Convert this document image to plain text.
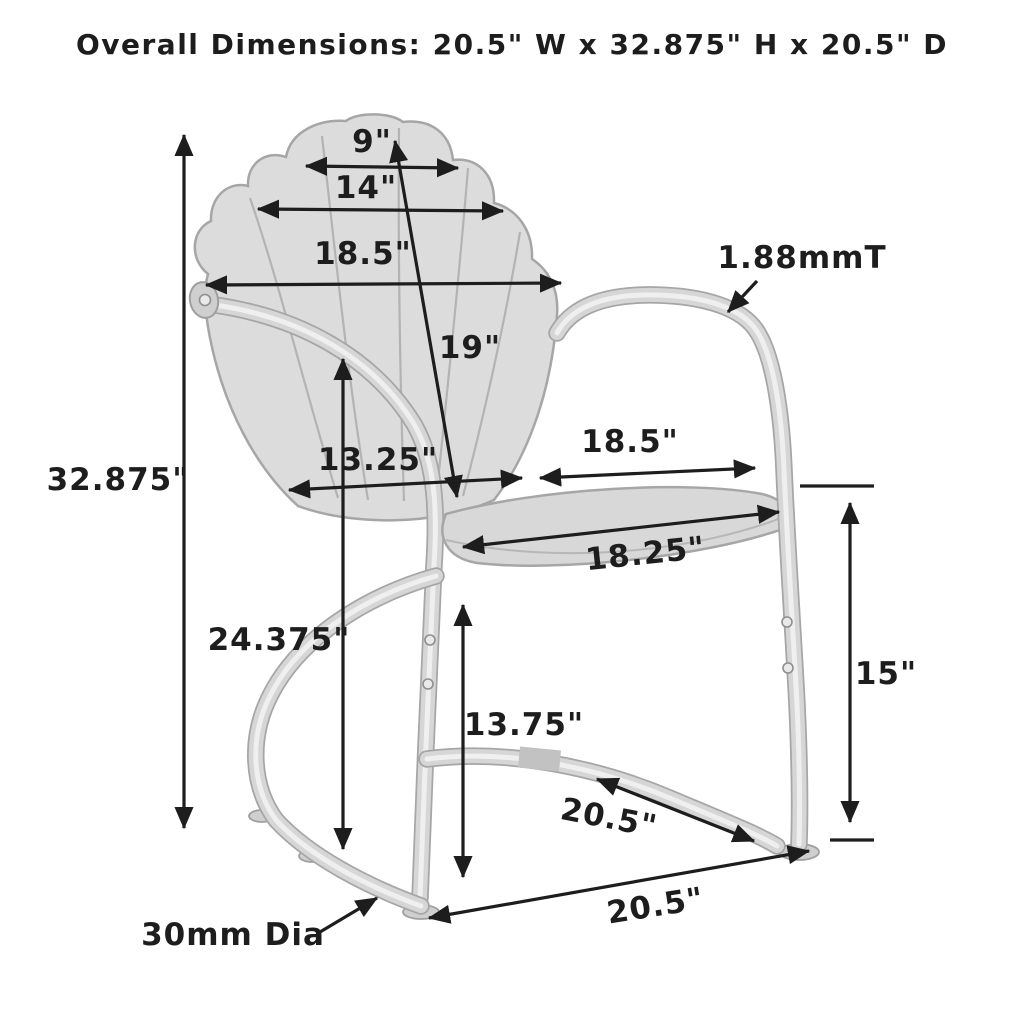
Overall Dimensions: 20.5" W x 32.875" H x 20.5" D
9"
14"
18.5"
19"
1.88mmT
13.25"	18.5"
18.25"
32.875"
24.375"
13.75"
15"
20.5"
20.5"
30mm Dia
